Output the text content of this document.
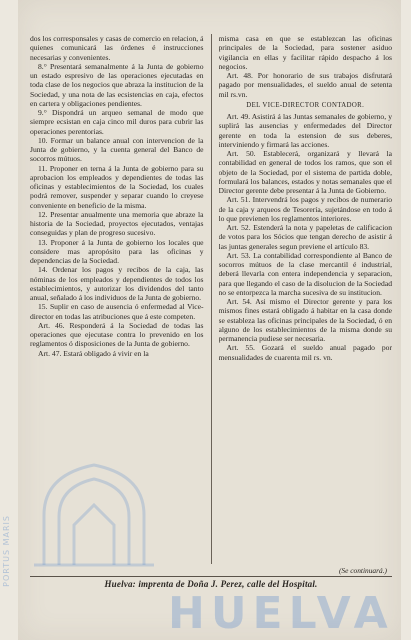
dos los corresponsales y casas de comercio en relacion, á quienes comunicará las órdenes é instrucciones necesarias y convenientes.

8.° Presentará semanalmente á la Junta de gobierno un estado espresivo de las operaciones ejecutadas en toda clase de los negocios que abraza la institucion de la Sociedad, y una nota de las ecsistencias en caja, efectos en cartera y obligaciones pendientes.

9.° Dispondrá un arqueo semanal de modo que siempre ecsistan en caja cinco mil duros para cubrir las operaciones perentorias.

10. Formar un balance anual con intervencion de la Junta de gobierno, y la cuenta general del Banco de socorros mútuos.

11. Proponer en terna á la Junta de gobierno para su aprobacion los empleados y dependientes de todas las oficinas y establecimientos de la Sociedad, los cuales podrá remover, suspender y separar cuando lo creyese conveniente en beneficio de la misma.

12. Presentar anualmente una memoria que abraze la historia de la Sociedad, proyectos ejecutados, ventajas conseguidas y plan de progreso sucesivo.

13. Proponer á la Junta de gobierno los locales que considere mas apropósito para las oficinas y dependencias de la Sociedad.

14. Ordenar los pagos y recibos de la caja, las nóminas de los empleados y dependientes de todos los establecimientos, y autorizar los dividendos del tanto anual, señalado á los individuos de la Junta de gobierno.

15. Suplir en caso de ausencia ó enfermedad al Vice-director en todas las atribuciones que á este competen.

Art. 46. Responderá á la Sociedad de todas las operaciones que ejecutase contra lo prevenido en los reglamentos ó disposiciones de la Junta de gobierno.

Art. 47. Estará obligado á vivir en la

misma casa en que se establezcan las oficinas principales de la Sociedad, para sostener asiduo vigilancia en ellas y facilitar rápido despacho á los negocios.

Art. 48. Por honorario de sus trabajos disfrutará pagado por mensualidades, el sueldo anual de setenta mil rs.vn.

DEL VICE-DIRECTOR CONTADOR.

Art. 49. Asistirá á las Juntas semanales de gobierno, y suplirá las ausencias y enfermedades del Director gerente en toda la estension de sus deberes, interviniendo y firmará las acciones.

Art. 50. Establecerá, organizará y llevará la contabilidad en general de todos los ramos, que son el objeto de la Sociedad, por el sistema de partida doble, formulará los balances, estados y notas semanales que el Director gerente debe presentar á la Junta de Gobierno.

Art. 51. Intervendrá los pagos y recibos de numerario de la caja y arqueos de Tesorería, sujetándose en todo á lo que previenen los reglamentos interiores.

Art. 52. Estenderá la nota y papeletas de calificacion de votos para los Sócios que tengan derecho de asistir á las juntas generales segun previene el artículo 83.

Art. 53. La contabilidad correspondiente al Banco de socorros mútuos de la clase mercantil é industrial, deberá llevarla con entera independencia y separacion, para que llegando el caso de la disolucion de la Sociedad no se entorpezca la marcha sucesiva de su institucion.

Art. 54. Asi mismo el Director gerente y para los mismos fines estará obligado á habitar en la casa donde se estableza las oficinas principales de la Sociedad, ó en alguno de los establecimientos de la misma donde su permanencia pudiese ser necesaria.

Art. 55. Gozará el sueldo anual pagado por mensualidades de cuarenta mil rs. vn.

(Se continuará.)
Huelva: imprenta de Doña J. Perez, calle del Hospital.
PORTUS MARIS
HUELVA
